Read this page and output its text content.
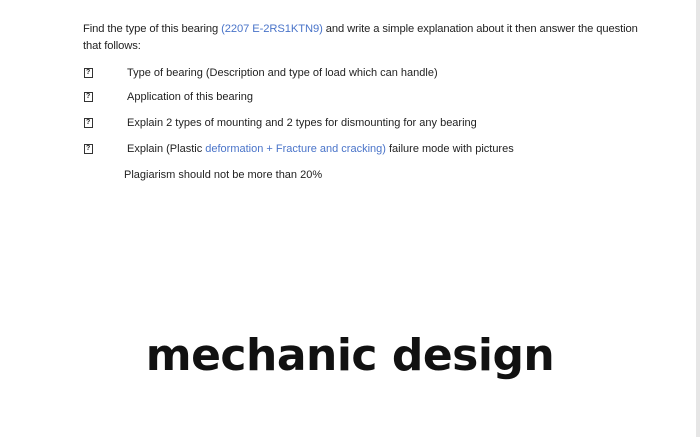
Find the type of this bearing (2207 E-2RS1KTN9) and write a simple explanation about it then answer the question that follows:
?
Type of bearing (Description and type of load which can handle)
?
Application of this bearing
?
Explain 2 types of mounting and 2 types for dismounting for any bearing
?
Explain (Plastic deformation + Fracture and cracking) failure mode with pictures
Plagiarism should not be more than 20%
mechanic design
